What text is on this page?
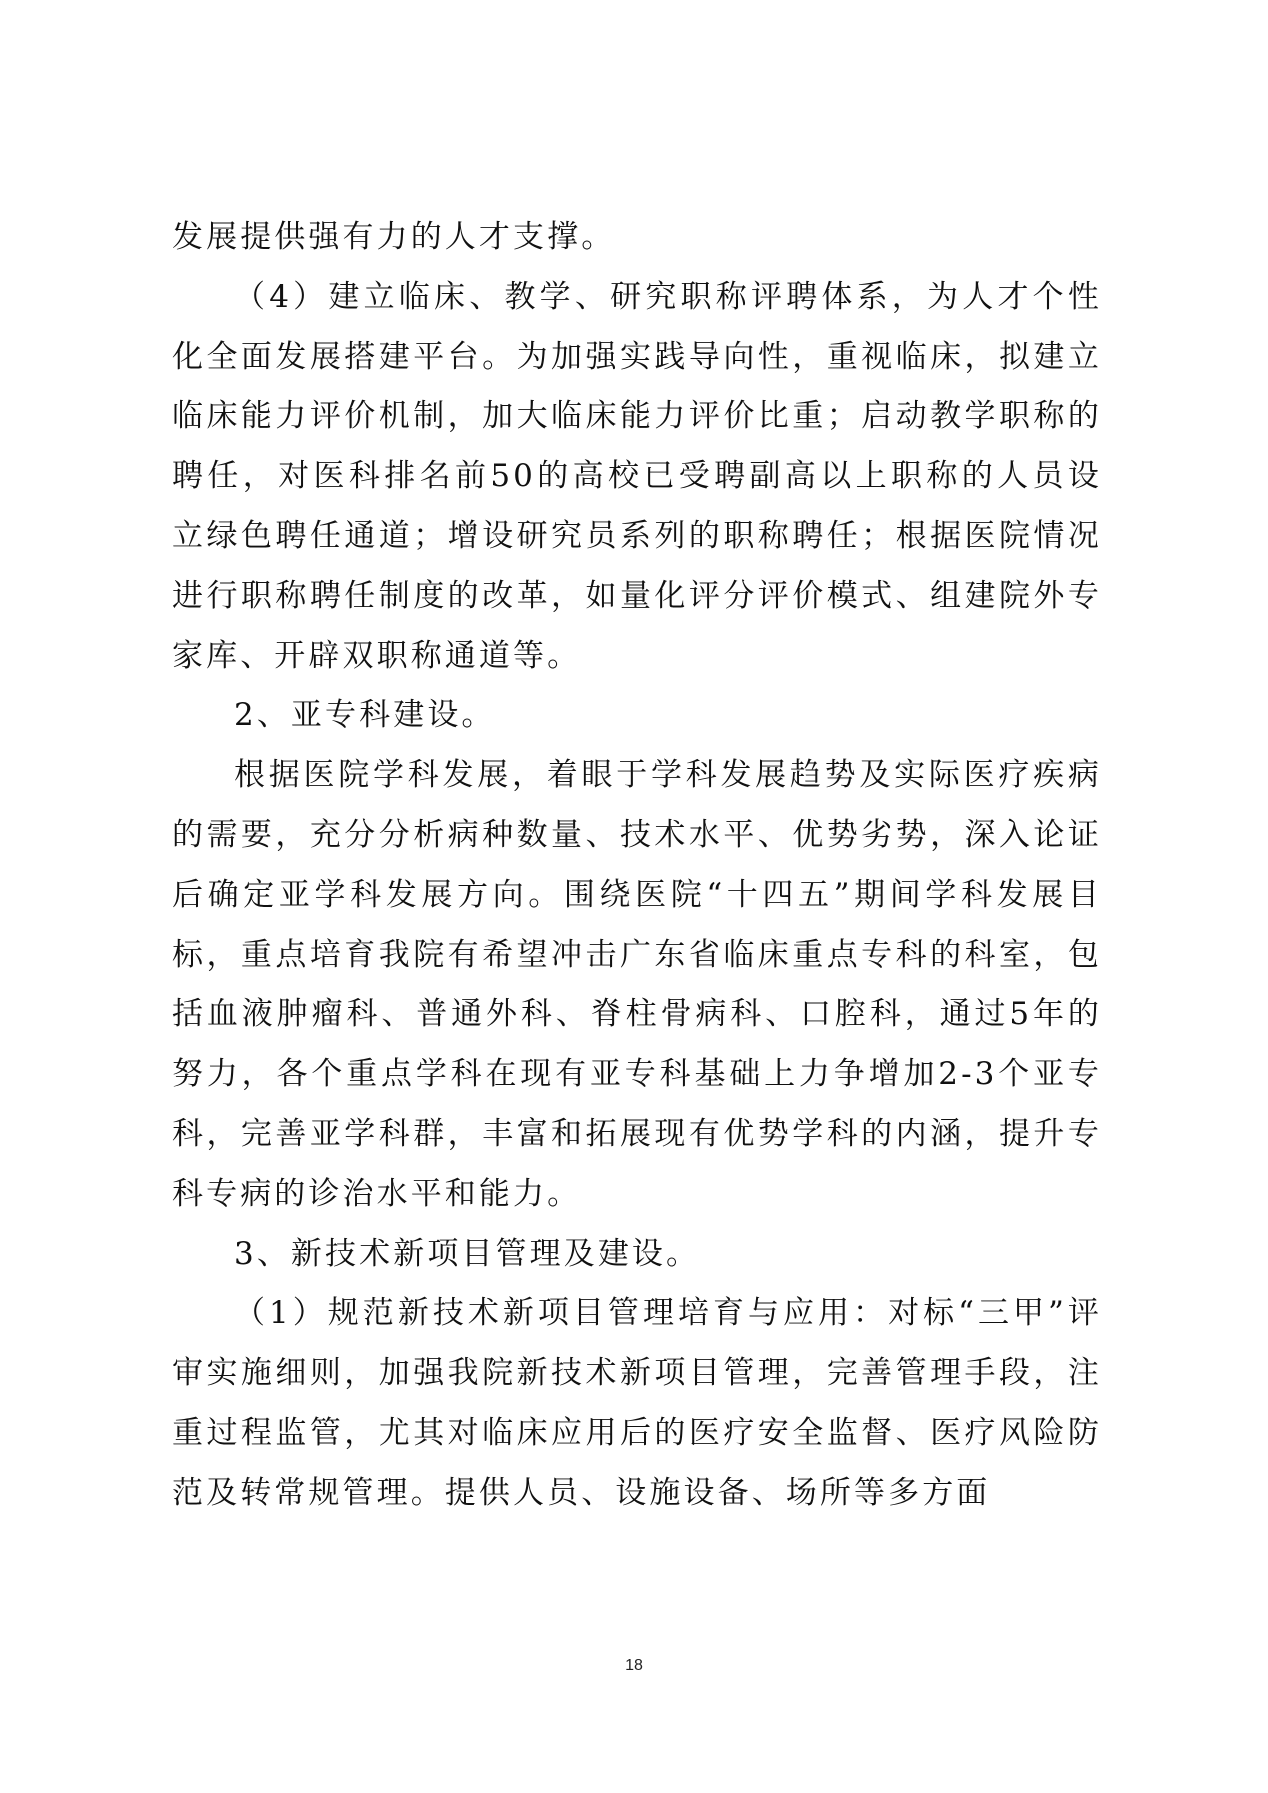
发展提供强有力的人才支撑。

（4）建立临床、教学、研究职称评聘体系，为人才个性化全面发展搭建平台。为加强实践导向性，重视临床，拟建立临床能力评价机制，加大临床能力评价比重；启动教学职称的聘任，对医科排名前50的高校已受聘副高以上职称的人员设立绿色聘任通道；增设研究员系列的职称聘任；根据医院情况进行职称聘任制度的改革，如量化评分评价模式、组建院外专家库、开辟双职称通道等。

2、亚专科建设。

根据医院学科发展，着眼于学科发展趋势及实际医疗疾病的需要，充分分析病种数量、技术水平、优势劣势，深入论证后确定亚学科发展方向。围绕医院“十四五”期间学科发展目标，重点培育我院有希望冲击广东省临床重点专科的科室，包括血液肿瘤科、普通外科、脊柱骨病科、口腔科，通过5年的努力，各个重点学科在现有亚专科基础上力争增加2-3个亚专科，完善亚学科群，丰富和拓展现有优势学科的内涵，提升专科专病的诊治水平和能力。

3、新技术新项目管理及建设。

（1）规范新技术新项目管理培育与应用：对标“三甲”评审实施细则，加强我院新技术新项目管理，完善管理手段，注重过程监管，尤其对临床应用后的医疗安全监督、医疗风险防范及转常规管理。提供人员、设施设备、场所等多方面

18
